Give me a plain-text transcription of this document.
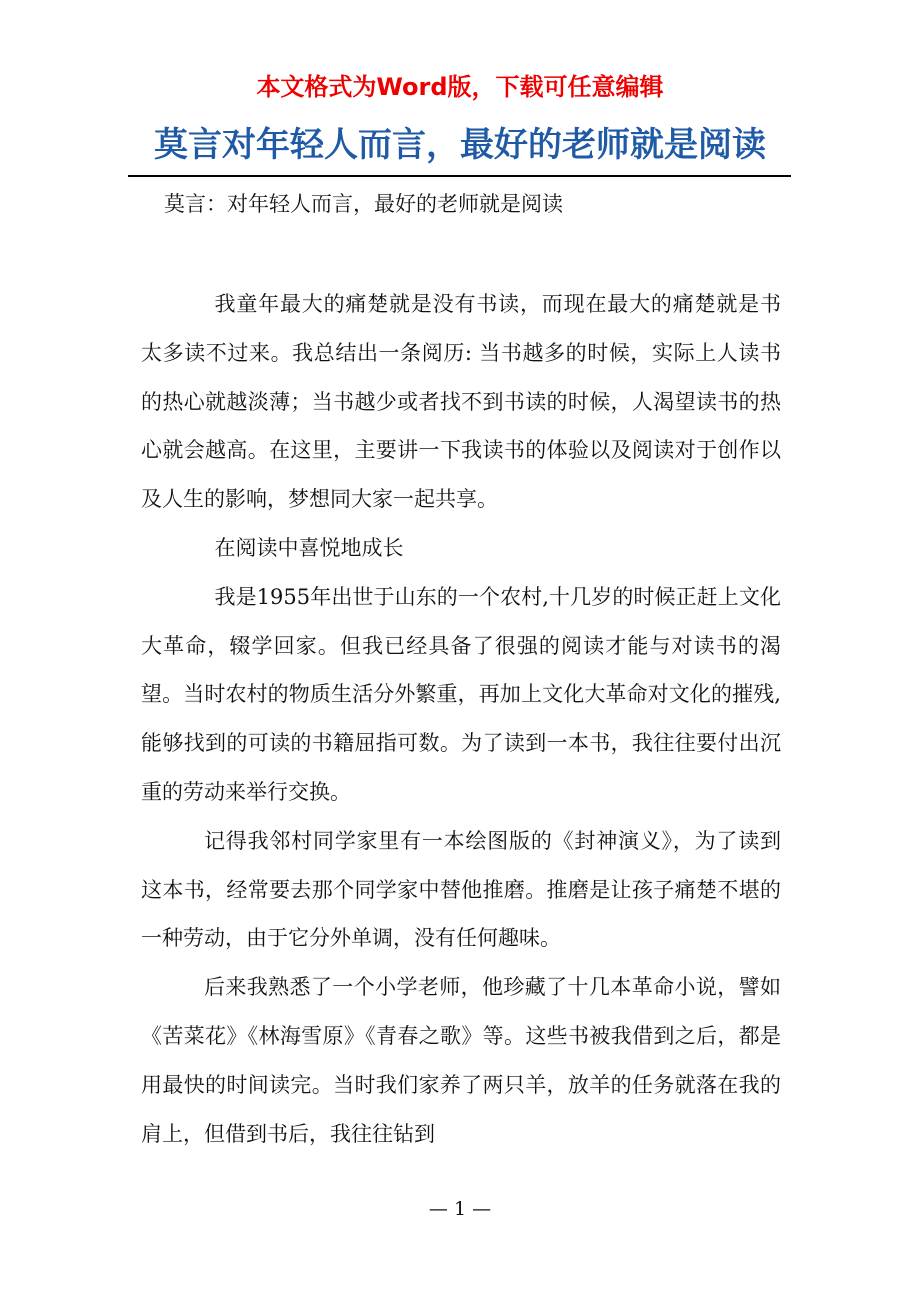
本文格式为Word版，下载可任意编辑
莫言对年轻人而言，最好的老师就是阅读
莫言：对年轻人而言，最好的老师就是阅读

我童年最大的痛楚就是没有书读，而现在最大的痛楚就是书太多读不过来。我总结出一条阅历: 当书越多的时候，实际上人读书的热心就越淡薄；当书越少或者找不到书读的时候，人渴望读书的热心就会越高。在这里，主要讲一下我读书的体验以及阅读对于创作以及人生的影响，梦想同大家一起共享。

在阅读中喜悦地成长

我是1955年出世于山东的一个农村,十几岁的时候正赶上文化大革命，辍学回家。但我已经具备了很强的阅读才能与对读书的渴望。当时农村的物质生活分外繁重，再加上文化大革命对文化的摧残,能够找到的可读的书籍屈指可数。为了读到一本书，我往往要付出沉重的劳动来举行交换。

记得我邻村同学家里有一本绘图版的《封神演义》，为了读到这本书，经常要去那个同学家中替他推磨。推磨是让孩子痛楚不堪的一种劳动，由于它分外单调，没有任何趣味。

后来我熟悉了一个小学老师，他珍藏了十几本革命小说，譬如《苦菜花》《林海雪原》《青春之歌》等。这些书被我借到之后，都是用最快的时间读完。当时我们家养了两只羊，放羊的任务就落在我的肩上，但借到书后，我往往钻到

— 1 —
